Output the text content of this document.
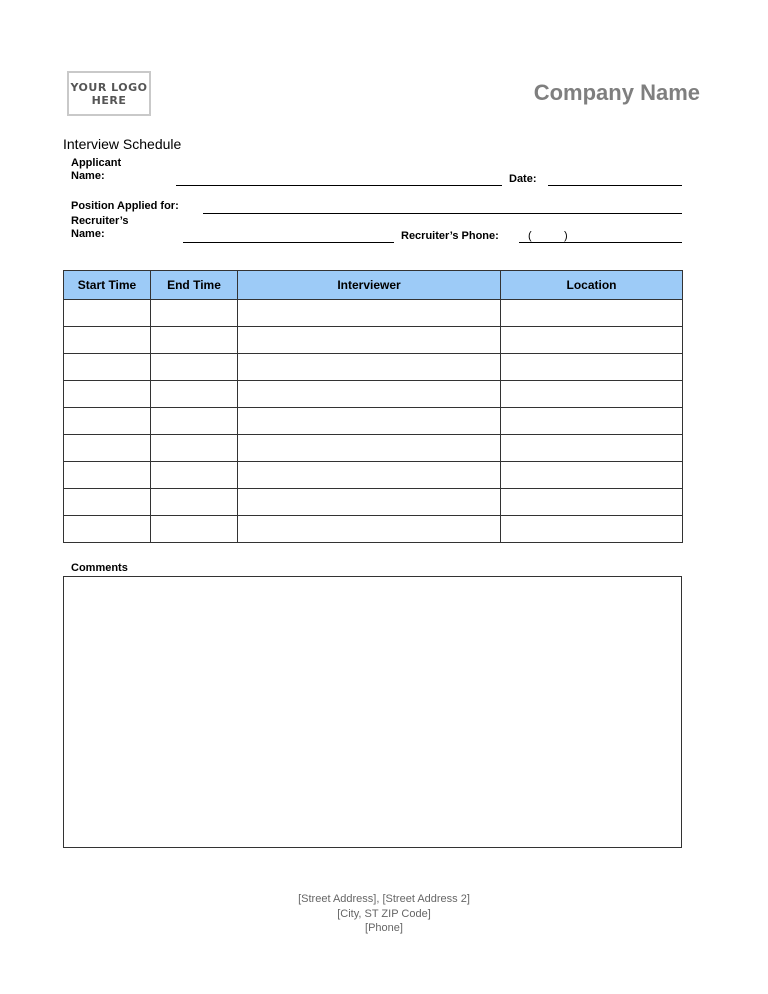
YOUR LOGO
HERE	Company Name
Interview Schedule
Applicant
Name:	Date:
Position Applied for:
Recruiter’s
Name:	Recruiter’s Phone:	(	)
Start Time	End Time	Interviewer	Location

Comments
[Street Address], [Street Address 2]
[City, ST ZIP Code]
[Phone]
